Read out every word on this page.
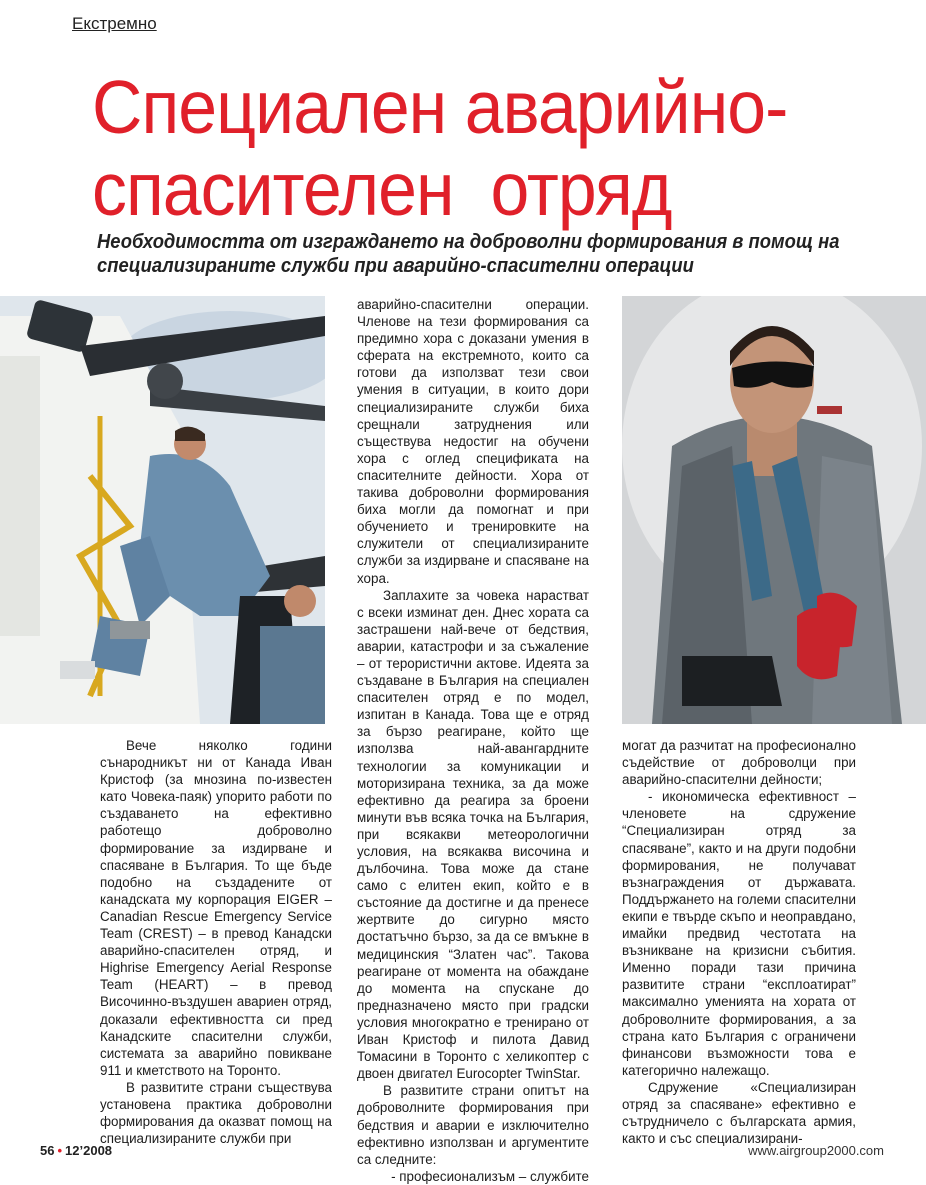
Екстремно
Специален аварийно-
спасителен  отряд

Необходимостта от изграждането на доброволни формирования в помощ на специализираните служби при аварийно-спасителни операции

аварийно-спасителни операции. Членове на тези формирования са предимно хора с доказани умения в сферата на екстремното, които са готови да използват тези свои умения в ситуации, в които дори специализираните служби биха срещнали затруднения или съществува недостиг на обучени хора с оглед спецификата на спасителните дейности. Хора от такива доброволни формирования биха могли да помогнат и при обучението и тренировките на служители от специализираните служби за издирване и спасяване на хора.

Заплахите за човека нарастват с всеки изминат ден. Днес хората са застрашени най-вече от бедствия, аварии, катастрофи и за съжаление – от терористични актове. Идеята за създаване в България на специален спасителен отряд е по модел, изпитан в Канада. Това ще е отряд за бързо реагиране, който ще използва най-авангардните технологии за комуникации и моторизирана техника, за да може ефективно да реагира за броени минути във всяка точка на България, при всякакви метеорологични условия, на всякаква височина и дълбочина. Това може да стане само с елитен екип, който е в състояние да достигне и да пренесе жертвите до сигурно място достатъчно бързо, за да се вмъкне в медицинския “Златен час”. Такова реагиране от момента на обаждане до момента на спускане до предназначено място при градски условия многократно е тренирано от Иван Кристоф и пилота Давид Томасини в Торонто с хеликоптер с двоен двигател Eurocopter TwinStar.

В развитите страни опитът на доброволните формирования при бедствия и аварии е изключително ефективно използван и аргументите са следните:

- професионализъм – службите

Вече няколко години сънародникът ни от Канада Иван Кристоф (за мнозина по-известен като Човека-паяк) упорито работи по създаването на ефективно работещо доброволно формирование за издирване и спасяване в България. То ще бъде подобно на създадените от канадската му корпорация EIGER – Canadian Rescue Emergency Service Team (CREST) – в превод Канадски аварийно-спасителен отряд, и Highrise Emergency Aerial Response Team (HEART) – в превод Височинно-въздушен авариен отряд, доказали ефективността си пред Канадските спасителни служби, системата за аварийно повикване 911 и кметството на Торонто.

В развитите страни съществува установена практика доброволни формирования да оказват помощ на специализираните служби при

могат да разчитат на професионално съдействие от доброволци при аварийно-спасителни дейности;

- икономическа ефективност – членовете на сдружение “Специализиран отряд за спасяване”, както и на други подобни формирования, не получават възнаграждения от държавата. Поддържането на големи спасителни екипи е твърде скъпо и неоправдано, имайки предвид честотата на възникване на кризисни събития. Именно поради тази причина развитите страни “експлоатират” максимално уменията на хората от доброволните формирования, а за страна като България с ограничени финансови възможности това е категорично належащо.

Сдружение «Специализиран отряд за спасяване» ефективно е сътрудничело с българската армия, както и със специализирани-

56 • 12’2008	www.airgroup2000.com
